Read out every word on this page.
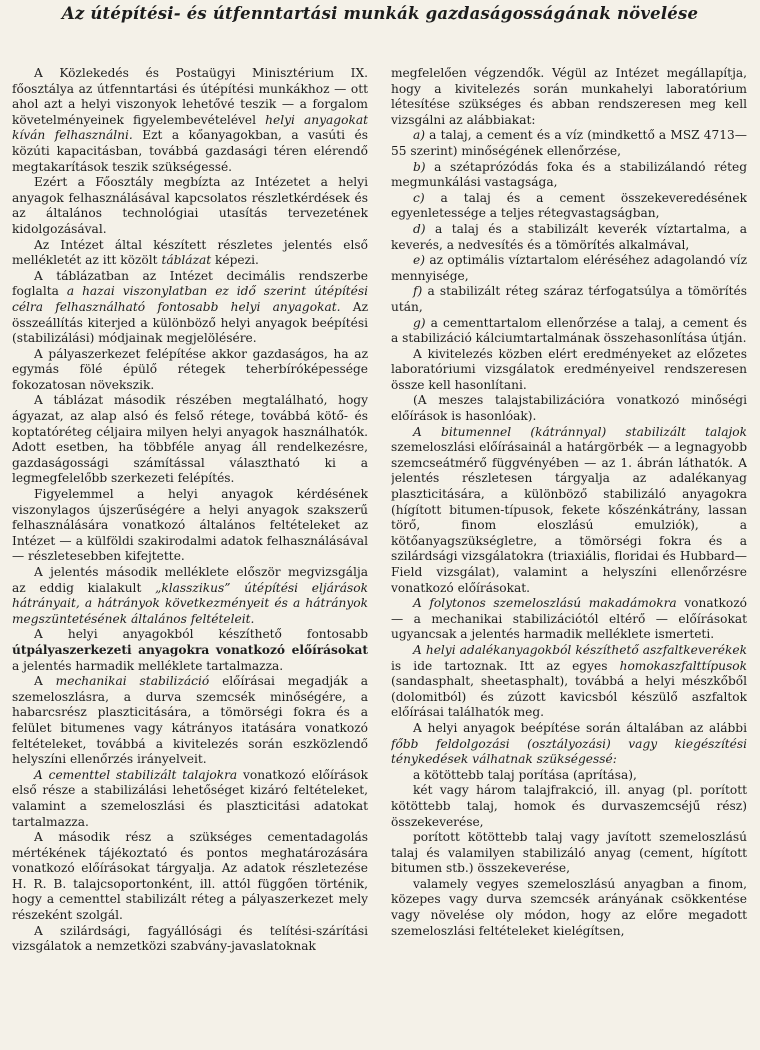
Az útépítési- és útfenntartási munkák gazdaságosságának növelése

A Közlekedés és Postaügyi Minisztérium IX. főosztálya az útfenntartási és útépítési munkákhoz — ott ahol azt a helyi viszonyok lehetővé teszik — a forgalom követelményeinek figyelembevételével helyi anyagokat kíván felhasználni. Ezt a kőanyagokban, a vasúti és közúti kapacitásban, továbbá gazdasági téren elérendő megtakarítások teszik szükségessé.

Ezért a Főosztály megbízta az Intézetet a helyi anyagok felhasználásával kapcsolatos részletkérdések és az általános technológiai utasítás tervezetének kidolgozásával.

Az Intézet által készített részletes jelentés első mellékletét az itt közölt táblázat képezi.

A táblázatban az Intézet decimális rendszerbe foglalta a hazai viszonylatban ez idő szerint útépítési célra felhasználható fontosabb helyi anyagokat. Az összeállítás kiterjed a különböző helyi anyagok beépítési (stabilizálási) módjainak megjelölésére.

A pályaszerkezet felépítése akkor gazdaságos, ha az egymás fölé épülő rétegek teherbíróképessége fokozatosan növekszik.

A táblázat második részében megtalálható, hogy ágyazat, az alap alsó és felső rétege, továbbá kötő- és koptatóréteg céljaira milyen helyi anyagok használhatók. Adott esetben, ha többféle anyag áll rendelkezésre, gazdaságossági számítással választható ki a legmegfelelőbb szerkezeti felépítés.

Figyelemmel a helyi anyagok kérdésének viszonylagos újszerűségére a helyi anyagok szakszerű felhasználására vonatkozó általános feltételeket az Intézet — a külföldi szakirodalmi adatok felhasználásával — részletesebben kifejtette.

A jelentés második melléklete először megvizsgálja az eddig kialakult „klasszikus” útépítési eljárások hátrányait, a hátrányok következményeit és a hátrányok megszüntetésének általános feltételeit.

A helyi anyagokból készíthető fontosabb útpályaszerkezeti anyagokra vonatkozó előírásokat a jelentés harmadik melléklete tartalmazza.

A mechanikai stabilizáció előírásai megadják a szemeloszlásra, a durva szemcsék minőségére, a habarcsrész plaszticitására, a tömörségi fokra és a felület bitumenes vagy kátrányos itatására vonatkozó feltételeket, továbbá a kivitelezés során eszközlendő helyszíni ellenőrzés irányelveit.

A cementtel stabilizált talajokra vonatkozó előírások első része a stabilizálási lehetőséget kizáró feltételeket, valamint a szemeloszlási és plaszticitási adatokat tartalmazza.

A második rész a szükséges cementadagolás mértékének tájékoztató és pontos meghatározására vonatkozó előírásokat tárgyalja. Az adatok részletezése H. R. B. talajcsoportonként, ill. attól függően történik, hogy a cementtel stabilizált réteg a pályaszerkezet mely részeként szolgál.

A szilárdsági, fagyállósági és telítési-szárítási vizsgálatok a nemzetközi szabvány-javaslatoknak

megfelelően végzendők. Végül az Intézet megállapítja, hogy a kivitelezés során munkahelyi laboratórium létesítése szükséges és abban rendszeresen meg kell vizsgálni az alábbiakat:

a) a talaj, a cement és a víz (mindkettő a MSZ 4713—55 szerint) minőségének ellenőrzése,

b) a szétaprózódás foka és a stabilizálandó réteg megmunkálási vastagsága,

c) a talaj és a cement összekeveredésének egyenletessége a teljes rétegvastagságban,

d) a talaj és a stabilizált keverék víztartalma, a keverés, a nedvesítés és a tömörítés alkalmával,

e) az optimális víztartalom eléréséhez adagolandó víz mennyisége,

f) a stabilizált réteg száraz térfogatsúlya a tömörítés után,

g) a cementtartalom ellenőrzése a talaj, a cement és a stabilizáció kálciumtartalmának összehasonlítása útján.

A kivitelezés közben elért eredményeket az előzetes laboratóriumi vizsgálatok eredményeivel rendszeresen össze kell hasonlítani.

(A meszes talajstabilizációra vonatkozó minőségi előírások is hasonlóak).

A bitumennel (kátránnyal) stabilizált talajok szemeloszlási előírásainál a határgörbék — a legnagyobb szemcseátmérő függvényében — az 1. ábrán láthatók. A jelentés részletesen tárgyalja az adalékanyag plaszticitására, a különböző stabilizáló anyagokra (hígított bitumen-típusok, fekete kőszénkátrány, lassan törő, finom eloszlású emulziók), a kötőanyagszükségletre, a tömörségi fokra és a szilárdsági vizsgálatokra (triaxiális, floridai és Hubbard—Field vizsgálat), valamint a helyszíni ellenőrzésre vonatkozó előírásokat.

A folytonos szemeloszlású makadámokra vonatkozó — a mechanikai stabilizációtól eltérő — előírásokat ugyancsak a jelentés harmadik melléklete ismerteti.

A helyi adalékanyagokból készíthető aszfaltkeverékek is ide tartoznak. Itt az egyes homokaszfalttípusok (sandasphalt, sheetasphalt), továbbá a helyi mészkőből (dolomitból) és zúzott kavicsból készülő aszfaltok előírásai találhatók meg.

A helyi anyagok beépítése során általában az alábbi főbb feldolgozási (osztályozási) vagy kiegészítési ténykedések válhatnak szükségessé:

a kötöttebb talaj porítása (aprítása),

két vagy három talajfrakció, ill. anyag (pl. porított kötöttebb talaj, homok és durvaszemcséjű rész) összekeverése,

porított kötöttebb talaj vagy javított szemeloszlású talaj és valamilyen stabilizáló anyag (cement, hígított bitumen stb.) összekeverése,

valamely vegyes szemeloszlású anyagban a finom, közepes vagy durva szemcsék arányának csökkentése vagy növelése oly módon, hogy az előre megadott szemeloszlási feltételeket kielégítsen,
